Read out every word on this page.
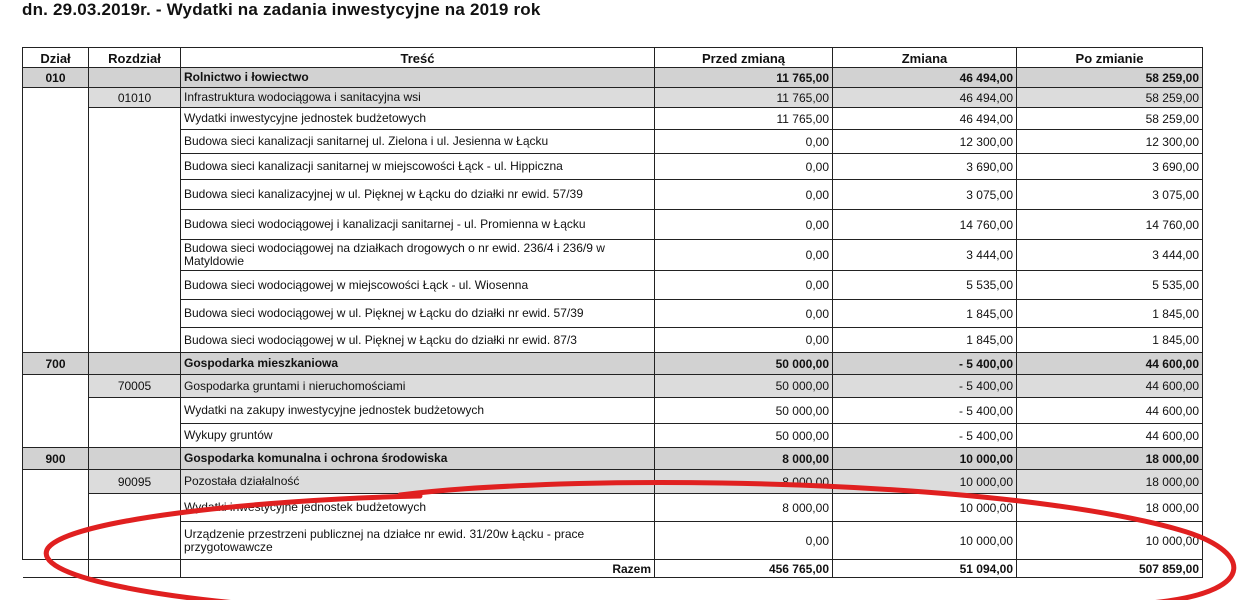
dn. 29.03.2019r. - Wydatki na zadania inwestycyjne na 2019 rok
Dział	Rozdział	Treść	Przed zmianą	Zmiana	Po zmianie
010		Rolnictwo i łowiectwo	11 765,00	46 494,00	58 259,00
	01010	Infrastruktura wodociągowa i sanitacyjna wsi	11 765,00	46 494,00	58 259,00
		Wydatki inwestycyjne jednostek budżetowych	11 765,00	46 494,00	58 259,00
		Budowa sieci kanalizacji sanitarnej ul. Zielona i ul. Jesienna w Łącku	0,00	12 300,00	12 300,00
		Budowa sieci kanalizacji sanitarnej w miejscowości Łąck - ul. Hippiczna	0,00	3 690,00	3 690,00
		Budowa sieci kanalizacyjnej w ul. Pięknej w Łącku do działki nr ewid. 57/39	0,00	3 075,00	3 075,00
		Budowa sieci wodociągowej i kanalizacji sanitarnej - ul. Promienna w Łącku	0,00	14 760,00	14 760,00
		Budowa sieci wodociągowej na działkach drogowych o nr ewid. 236/4 i 236/9 w Matyldowie	0,00	3 444,00	3 444,00
		Budowa sieci wodociągowej w miejscowości Łąck - ul. Wiosenna	0,00	5 535,00	5 535,00
		Budowa sieci wodociągowej w ul. Pięknej w Łącku do działki nr ewid. 57/39	0,00	1 845,00	1 845,00
		Budowa sieci wodociągowej w ul. Pięknej w Łącku do działki nr ewid. 87/3	0,00	1 845,00	1 845,00
700		Gospodarka mieszkaniowa	50 000,00	- 5 400,00	44 600,00
	70005	Gospodarka gruntami i nieruchomościami	50 000,00	- 5 400,00	44 600,00
		Wydatki na zakupy inwestycyjne jednostek budżetowych	50 000,00	- 5 400,00	44 600,00
		Wykupy gruntów	50 000,00	- 5 400,00	44 600,00
900		Gospodarka komunalna i ochrona środowiska	8 000,00	10 000,00	18 000,00
	90095	Pozostała działalność	8 000,00	10 000,00	18 000,00
		Wydatki inwestycyjne jednostek budżetowych	8 000,00	10 000,00	18 000,00
		Urządzenie przestrzeni publicznej na działce nr ewid. 31/20w Łącku - prace przygotowawcze	0,00	10 000,00	10 000,00
		Razem	456 765,00	51 094,00	507 859,00
